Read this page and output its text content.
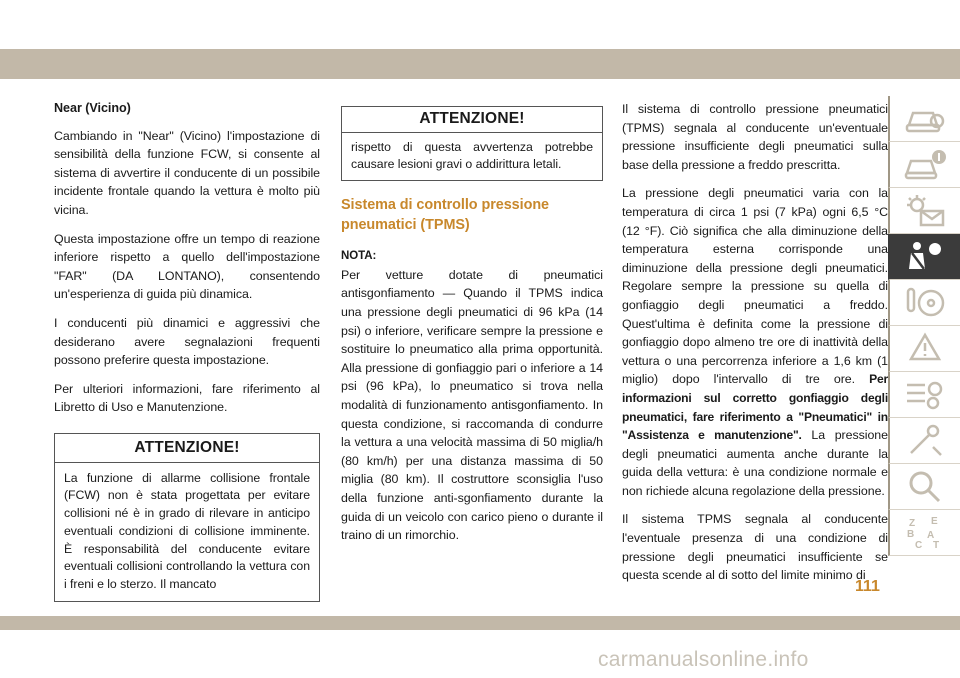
Near (Vicino)

Cambiando in "Near" (Vicino) l'impostazione di sensibilità della funzione FCW, si consente al sistema di avvertire il conducente di un possibile incidente frontale quando la vettura è molto più vicina.

Questa impostazione offre un tempo di reazione inferiore rispetto a quello dell'impostazione "FAR" (DA LONTANO), consentendo un'esperienza di guida più dinamica.

I conducenti più dinamici e aggressivi che desiderano avere segnalazioni frequenti possono preferire questa impostazione.

Per ulteriori informazioni, fare riferimento al Libretto di Uso e Manutenzione.

ATTENZIONE!
La funzione di allarme collisione frontale (FCW) non è stata progettata per evitare collisioni né è in grado di rilevare in anticipo eventuali condizioni di collisione imminente. È responsabilità del conducente evitare eventuali collisioni controllando la vettura con i freni e lo sterzo. Il mancato
ATTENZIONE!
rispetto di questa avvertenza potrebbe causare lesioni gravi o addirittura letali.
Sistema di controllo pressione pneumatici (TPMS)
NOTA:

Per vetture dotate di pneumatici antisgonfiamento — Quando il TPMS indica una pressione degli pneumatici di 96 kPa (14 psi) o inferiore, verificare sempre la pressione e sostituire lo pneumatico alla prima opportunità. Alla pressione di gonfiaggio pari o inferiore a 14 psi (96 kPa), lo pneumatico si trova nella modalità di funzionamento antisgonfiamento. In questa condizione, si raccomanda di condurre la vettura a una velocità massima di 50 miglia/h (80 km/h) per una distanza massima di 50 miglia (80 km). Il costruttore sconsiglia l'uso della funzione anti-sgonfiamento durante la guida di un veicolo con carico pieno o durante il traino di un rimorchio.

Il sistema di controllo pressione pneumatici (TPMS) segnala al conducente un'eventuale pressione insufficiente degli pneumatici sulla base della pressione a freddo prescritta.

La pressione degli pneumatici varia con la temperatura di circa 1 psi (7 kPa) ogni 6,5 °C (12 °F). Ciò significa che alla diminuzione della temperatura esterna corrisponde una diminuzione della pressione degli pneumatici. Regolare sempre la pressione su quella di gonfiaggio degli pneumatici a freddo. Quest'ultima è definita come la pressione di gonfiaggio dopo almeno tre ore di inattività della vettura o una percorrenza inferiore a 1,6 km (1 miglio) dopo l'intervallo di tre ore. Per informazioni sul corretto gonfiaggio degli pneumatici, fare riferimento a "Pneumatici" in "Assistenza e manutenzione". La pressione degli pneumatici aumenta anche durante la guida della vettura: è una condizione normale e non richiede alcuna regolazione della pressione.

Il sistema TPMS segnala al conducente l'eventuale presenza di una condizione di pressione degli pneumatici insufficiente se questa scende al di sotto del limite minimo di

Z E
B A
C T
111
carmanualsonline.info
